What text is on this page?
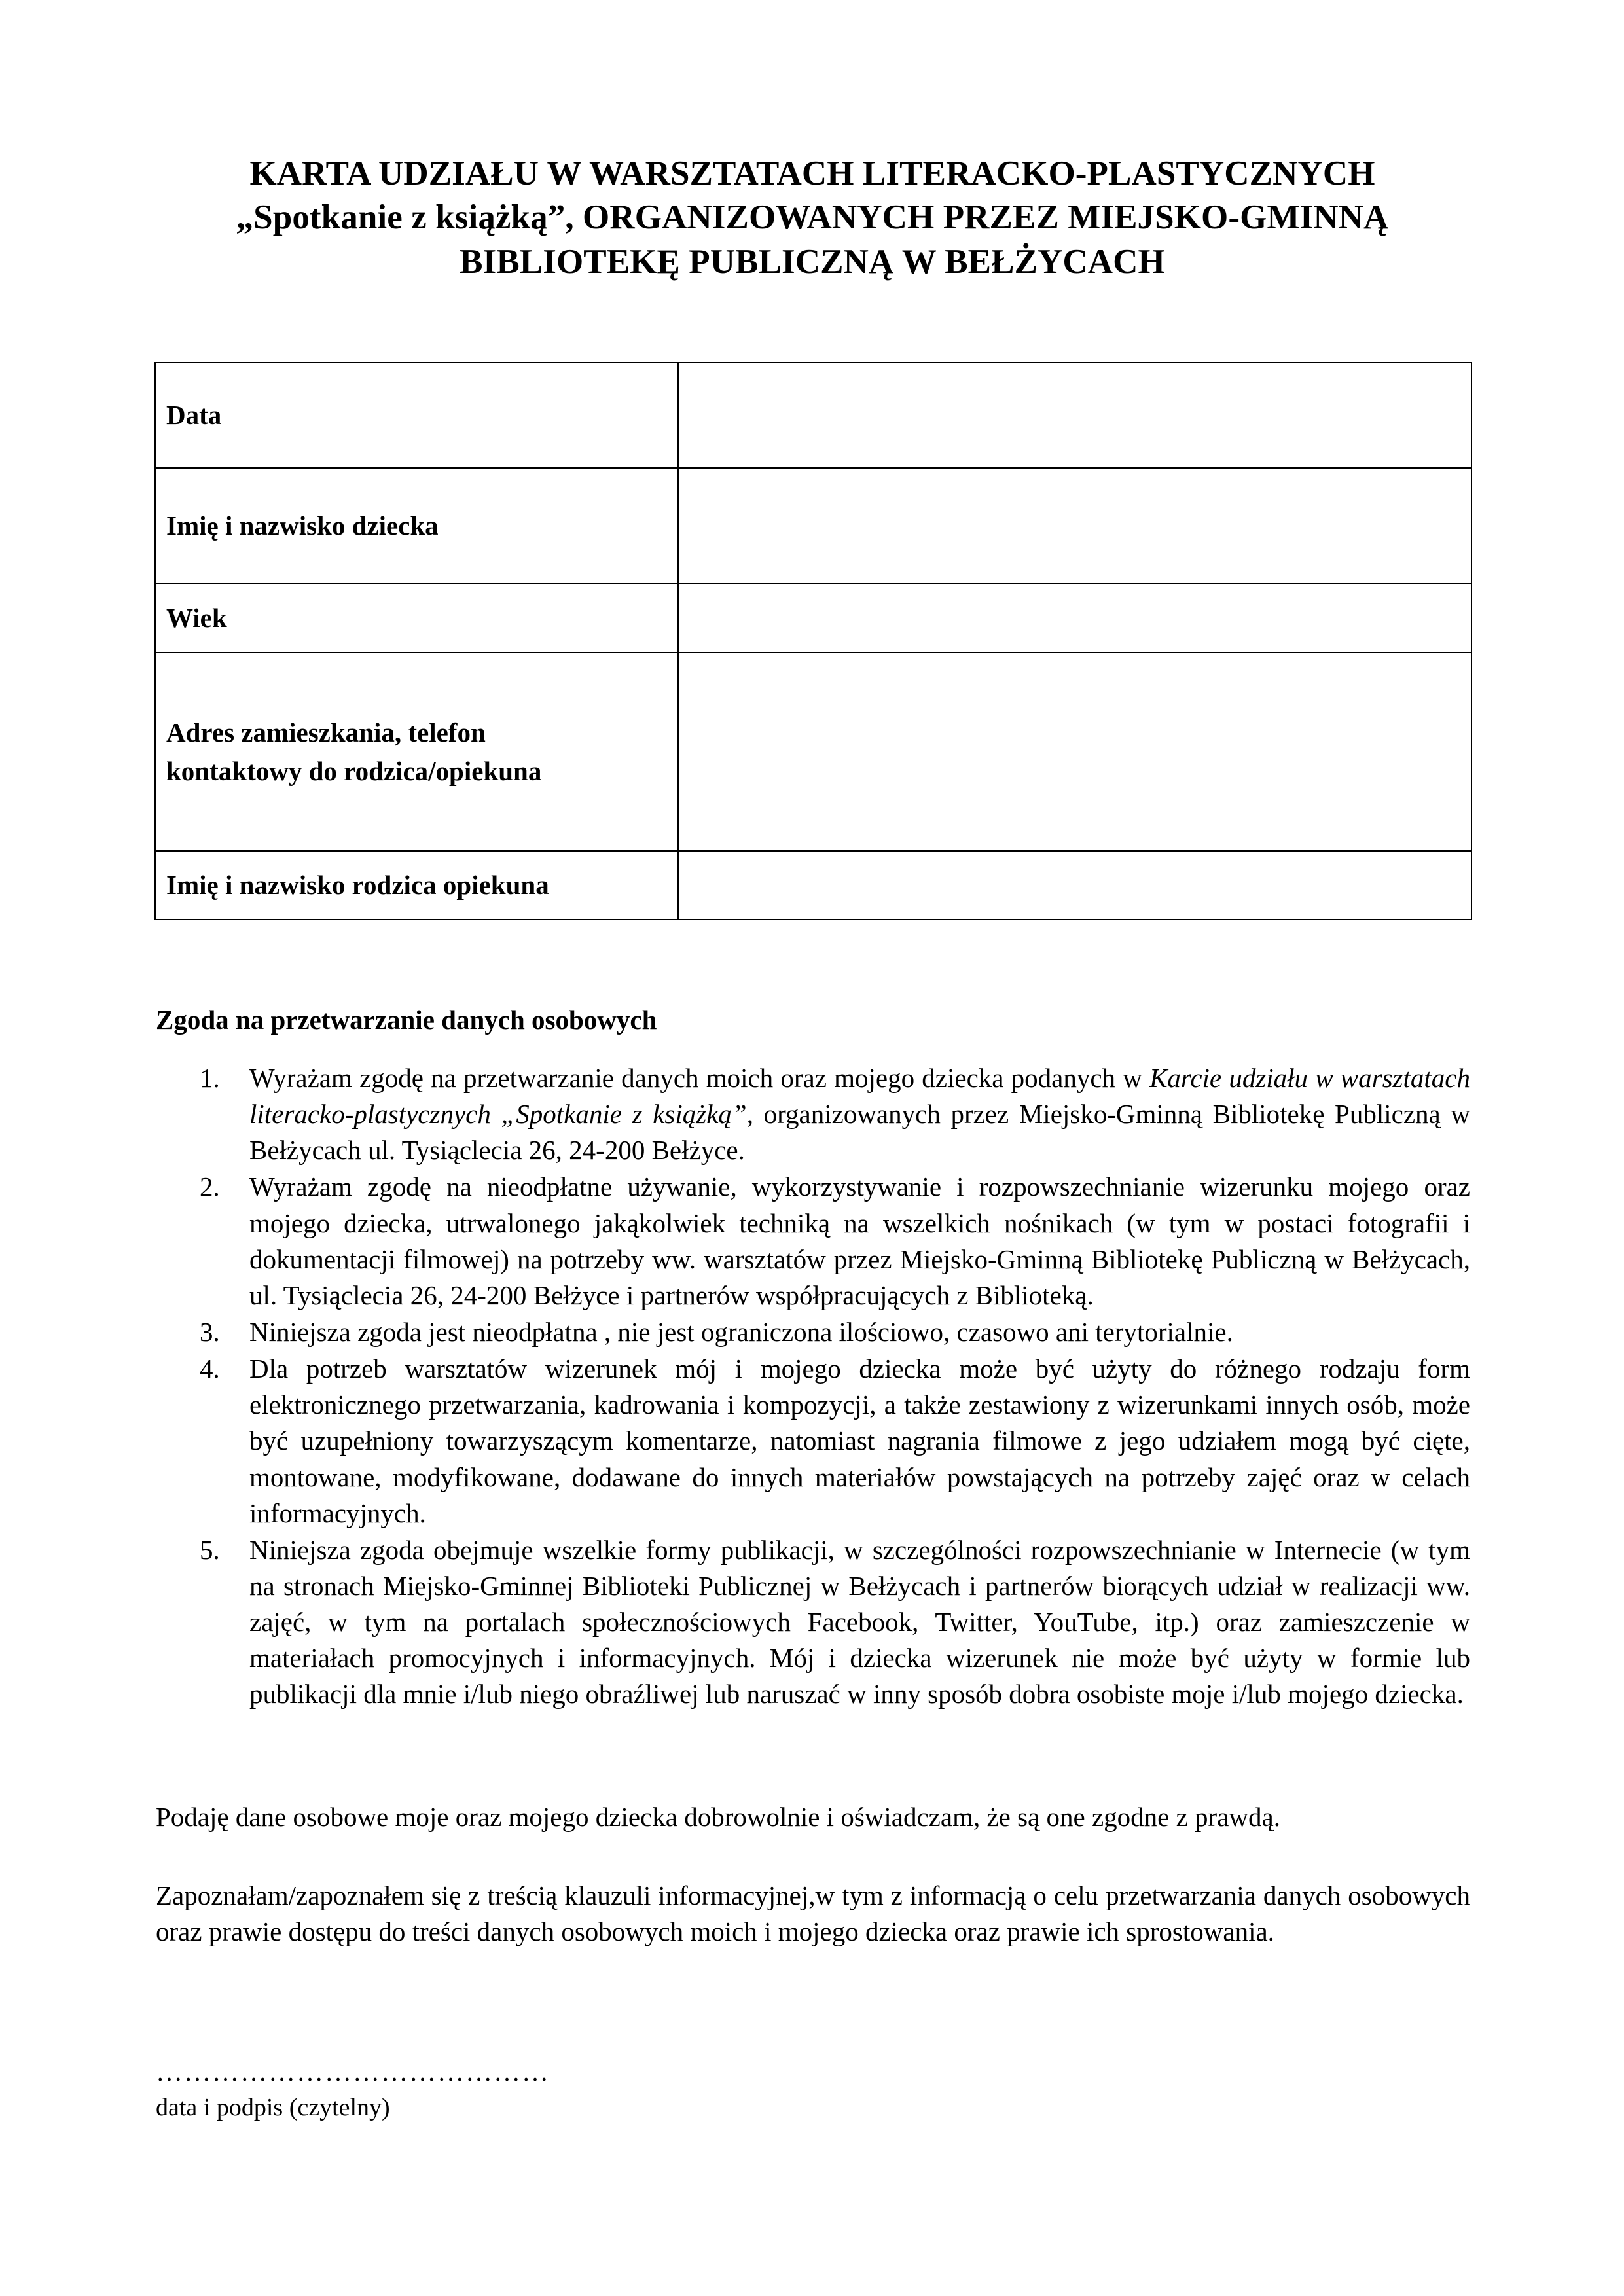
KARTA UDZIAŁU W WARSZTATACH LITERACKO-PLASTYCZNYCH
„Spotkanie z książką”, ORGANIZOWANYCH PRZEZ MIEJSKO-GMINNĄ
BIBLIOTEKĘ PUBLICZNĄ W BEŁŻYCACH
Data	
Imię i nazwisko dziecka	
Wiek	
Adres zamieszkania, telefon
kontaktowy do rodzica/opiekuna	
Imię i nazwisko rodzica opiekuna	
Zgoda na przetwarzanie danych osobowych
1.	Wyrażam zgodę na przetwarzanie danych moich oraz mojego dziecka podanych w Karcie udziału w warsztatach literacko-plastycznych „Spotkanie z książką”, organizowanych przez Miejsko-Gminną Bibliotekę Publiczną w Bełżycach ul. Tysiąclecia 26, 24-200 Bełżyce.
2.	Wyrażam zgodę na nieodpłatne używanie, wykorzystywanie i rozpowszechnianie wizerunku mojego oraz mojego dziecka, utrwalonego jakąkolwiek techniką na wszelkich nośnikach (w tym w postaci fotografii i dokumentacji filmowej) na potrzeby ww. warsztatów przez Miejsko-Gminną Bibliotekę Publiczną w Bełżycach, ul. Tysiąclecia 26, 24-200 Bełżyce i partnerów współpracujących z Biblioteką.
3.	Niniejsza zgoda jest nieodpłatna , nie jest ograniczona ilościowo, czasowo ani terytorialnie.
4.	Dla potrzeb warsztatów wizerunek mój i mojego dziecka może być użyty do różnego rodzaju form elektronicznego przetwarzania, kadrowania i kompozycji, a także zestawiony z wizerunkami innych osób, może być uzupełniony towarzyszącym komentarze, natomiast nagrania filmowe z jego udziałem mogą być cięte, montowane, modyfikowane, dodawane do innych materiałów powstających na potrzeby zajęć oraz w celach informacyjnych.
5.	Niniejsza zgoda obejmuje wszelkie formy publikacji, w szczególności rozpowszechnianie w Internecie (w tym na stronach Miejsko-Gminnej Biblioteki Publicznej w Bełżycach i partnerów biorących udział w realizacji ww. zajęć, w tym na portalach społecznościowych Facebook, Twitter, YouTube, itp.) oraz zamieszczenie w materiałach promocyjnych i informacyjnych. Mój i dziecka wizerunek nie może być użyty w formie lub publikacji dla mnie i/lub niego obraźliwej lub naruszać w inny sposób dobra osobiste moje i/lub mojego dziecka.
Podaję dane osobowe moje oraz mojego dziecka dobrowolnie i oświadczam, że są one zgodne z prawdą.
Zapoznałam/zapoznałem się z treścią klauzuli informacyjnej,w tym z informacją o celu przetwarzania danych osobowych oraz prawie dostępu do treści danych osobowych moich i mojego dziecka oraz prawie ich sprostowania.
……………………………………
data i podpis (czytelny)
